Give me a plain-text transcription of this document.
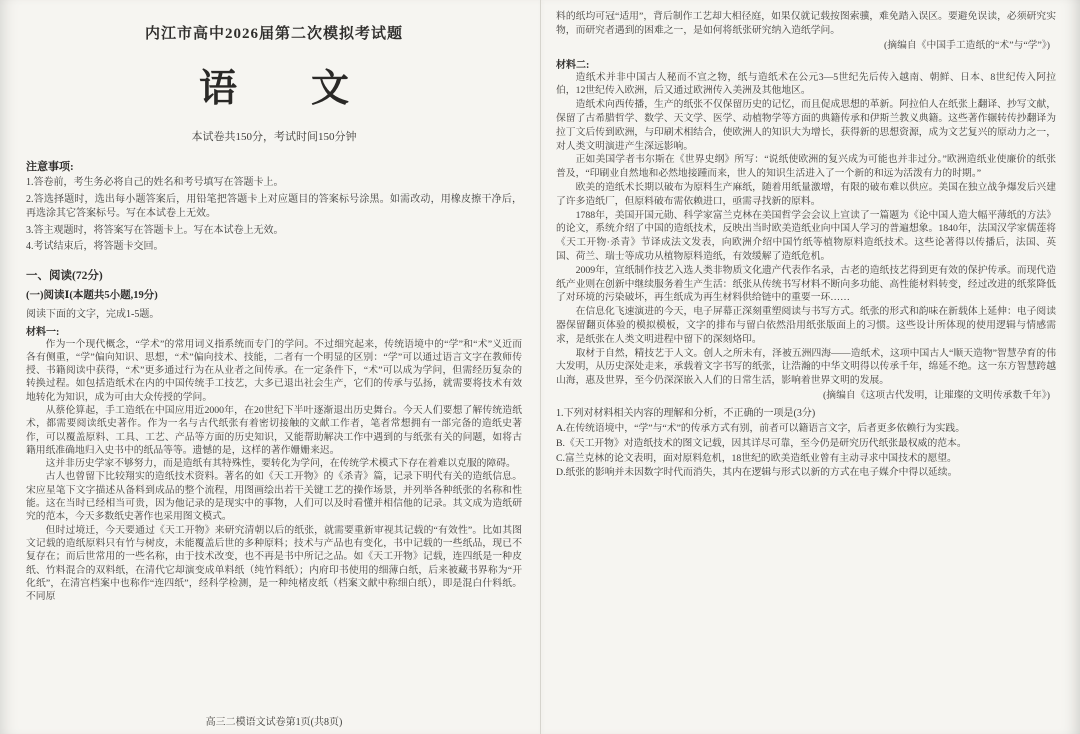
内江市高中2026届第二次模拟考试题
语　文
本试卷共150分，考试时间150分钟
注意事项:

1.答卷前，考生务必将自己的姓名和考号填写在答题卡上。

2.答选择题时，选出每小题答案后，用铅笔把答题卡上对应题目的答案标号涂黑。如需改动，用橡皮擦干净后，再选涂其它答案标号。写在本试卷上无效。

3.答主观题时，将答案写在答题卡上。写在本试卷上无效。

4.考试结束后，将答题卡交回。

一、阅读(72分)
(一)阅读Ⅰ(本题共5小题,19分)
阅读下面的文字，完成1-5题。

材料一:

作为一个现代概念，“学术”的常用词义指系统而专门的学问。不过细究起来，传统语境中的“学”和“术”义近而各有侧重，“学”偏向知识、思想，“术”偏向技术、技能，二者有一个明显的区别：“学”可以通过语言文字在教师传授、书籍阅读中获得，“术”更多通过行为在从业者之间传承。在一定条件下，“术”可以成为学问，但需经历复杂的转换过程。如包括造纸术在内的中国传统手工技艺，大多已退出社会生产，它们的传承与弘扬，就需要将技术有效地转化为知识，成为可由大众传授的学问。

从蔡伦算起，手工造纸在中国应用近2000年，在20世纪下半叶逐渐退出历史舞台。今天人们要想了解传统造纸术，都需要阅读纸史著作。作为一名与古代纸张有着密切接触的文献工作者，笔者常想拥有一部完备的造纸史著作，可以覆盖原料、工具、工艺、产品等方面的历史知识，又能帮助解决工作中遇到的与纸张有关的问题，如将古籍用纸准确地归入史书中的纸品等等。遗憾的是，这样的著作姗姗来迟。

这并非历史学家不够努力，而是造纸有其特殊性，要转化为学问，在传统学术模式下存在着难以克服的障碍。

古人也曾留下比较翔实的造纸技术资料。著名的如《天工开物》的《杀青》篇，记录下明代有关的造纸信息。宋应星笔下文字描述从备料到成品的整个流程，用图画绘出若干关键工艺的操作场景，并列举各种纸张的名称和性能。这在当时已经相当可贵，因为他记录的是现实中的事物，人们可以及时看懂并相信他的记录。其文成为造纸研究的范本，今天多数纸史著作也采用图文模式。

但时过境迁，今天要通过《天工开物》来研究清朝以后的纸张，就需要重新审视其记载的“有效性”。比如其图文记载的造纸原料只有竹与树皮，未能覆盖后世的多种原料；技术与产品也有变化，书中记载的一些纸品，现已不复存在；而后世常用的一些名称，由于技术改变，也不再是书中所记之品。如《天工开物》记载，连四纸是一种皮纸、竹料混合的双料纸，在清代它却演变成单料纸（纯竹料纸）；内府印书使用的细薄白纸，后来被藏书界称为“开化纸”，在清宫档案中也称作“连四纸”，经科学检测，是一种纯楮皮纸（档案文献中称细白纸），即是混白什料纸。不同原

高三二模语文试卷第1页(共8页)

料的纸均可冠“适用”，背后制作工艺却大相径庭，如果仅就记载按图索骥，难免踏入误区。要避免误读，必须研究实物，而研究者遇到的困难之一，是如何将纸张研究纳入造纸学问。

(摘编自《中国手工造纸的“术”与“学”》)

材料二:

造纸术并非中国古人秘而不宣之物，纸与造纸术在公元3—5世纪先后传入越南、朝鲜、日本、8世纪传入阿拉伯，12世纪传入欧洲，后又通过欧洲传入美洲及其他地区。

造纸术向西传播，生产的纸张不仅保留历史的记忆，而且促成思想的革新。阿拉伯人在纸张上翻译、抄写文献，保留了古希腊哲学、数学、天文学、医学、动植物学等方面的典籍传承和伊斯兰教义典籍。这些著作辗转传抄翻译为拉丁文后传到欧洲，与印刷术相结合，使欧洲人的知识大为增长，获得新的思想资源，成为文艺复兴的原动力之一，对人类文明演进产生深远影响。

正如美国学者韦尔斯在《世界史纲》所写：“说纸使欧洲的复兴成为可能也并非过分。”欧洲造纸业使廉价的纸张普及，“印刷业自然地和必然地接踵而来，世人的知识生活进入了一个新的和远为活泼有力的时期。”

欧美的造纸术长期以破布为原料生产麻纸，随着用纸量激增，有限的破布难以供应。美国在独立战争爆发后兴建了许多造纸厂，但原料破布需依赖进口，亟需寻找新的原料。

1788年，美国开国元勋、科学家富兰克林在美国哲学会会议上宣读了一篇题为《论中国人造大幅平薄纸的方法》的论文，系统介绍了中国的造纸技术，反映出当时欧美造纸业向中国人学习的普遍想象。1840年，法国汉学家儒莲将《天工开物·杀青》节译成法文发表，向欧洲介绍中国竹纸等植物原料造纸技术。这些论著得以传播后，法国、英国、荷兰、瑞士等成功从植物原料造纸，有效缓解了造纸危机。

2009年，宣纸制作技艺入选人类非物质文化遗产代表作名录，古老的造纸技艺得到更有效的保护传承。而现代造纸产业则在创新中继续服务着生产生活：纸张从传统书写材料不断向多功能、高性能材料转变，经过改进的纸浆降低了对环境的污染破坏，再生纸成为再生材料供给链中的重要一环……

在信息化飞速演进的今天，电子屏幕正深刻重塑阅读与书写方式。纸张的形式和韵味在新载体上延伸：电子阅读器保留翻页体验的模拟模板，文字的排布与留白依然沿用纸张版面上的习惯。这些设计所体现的使用逻辑与情感需求，是纸张在人类文明进程中留下的深刻烙印。

取材于自然，精技艺于人文。创人之所未有，泽被五洲四海——造纸术，这项中国古人“顺天造物”智慧孕育的伟大发明，从历史深处走来，承载着文字书写的纸张，让浩瀚的中华文明得以传承千年，绵延不绝。这一东方智慧跨越山海，惠及世界，至今仍深深嵌入人们的日常生活，影响着世界文明的发展。

(摘编自《这项古代发明，让璀璨的文明传承数千年》)

1.下列对材料相关内容的理解和分析，不正确的一项是(3分)

A.在传统语境中，“学”与“术”的传承方式有别，前者可以籍语言文字，后者更多依赖行为实践。

B.《天工开物》对造纸技术的图文记载，因其详尽可靠，至今仍是研究历代纸张最权威的范本。

C.富兰克林的论文表明，面对原料危机，18世纪的欧美造纸业曾有主动寻求中国技术的愿望。

D.纸张的影响并未因数字时代而消失，其内在逻辑与形式以新的方式在电子媒介中得以延续。
